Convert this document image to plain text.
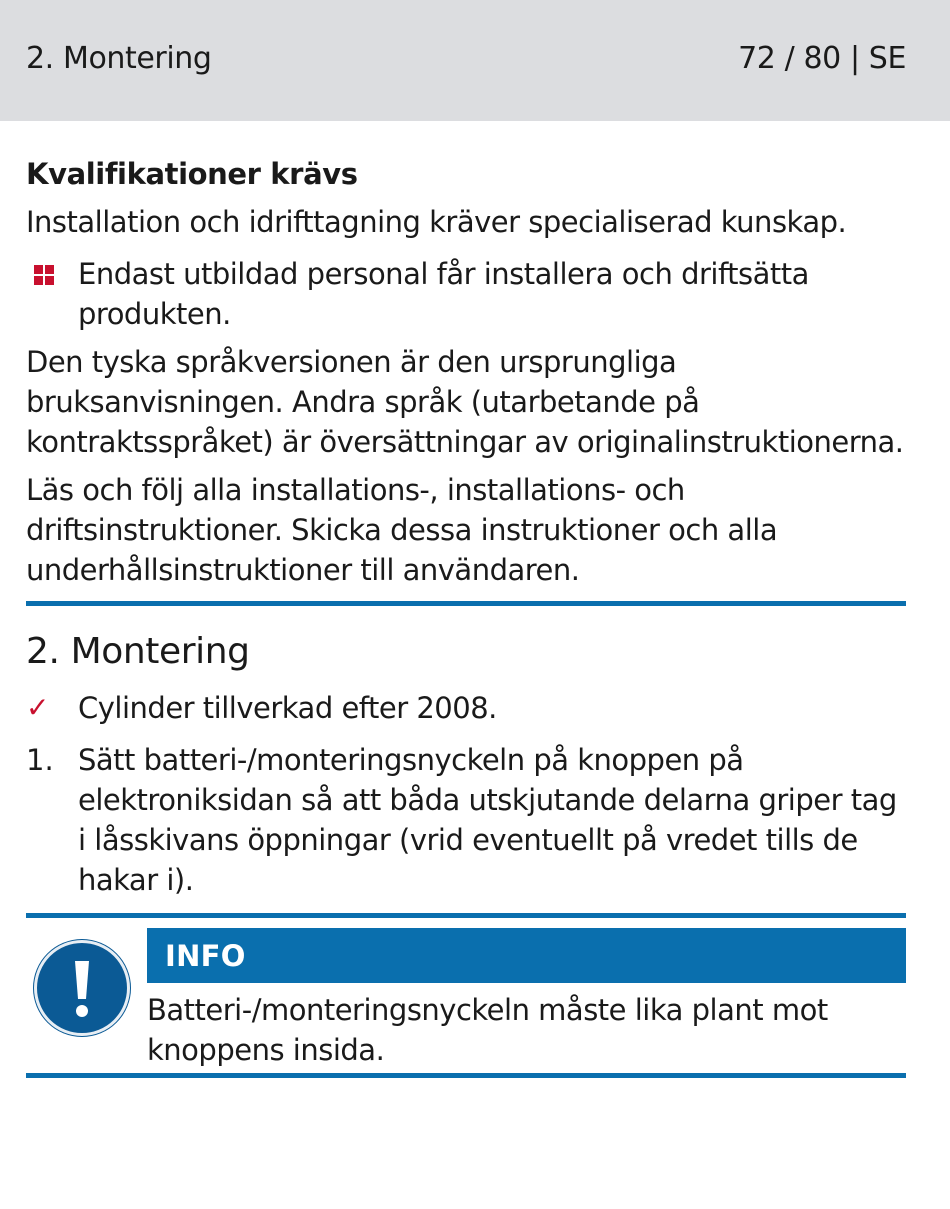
2. Montering	72 / 80 | SE
Kvalifikationer krävs
Installation och idrifttagning kräver specialiserad kunskap.
Endast utbildad personal får installera och driftsätta produkten.
Den tyska språkversionen är den ursprungliga bruksanvisningen. Andra språk (utarbetande på kontraktsspråket) är översättningar av originalinstruktionerna.
Läs och följ alla installations-, installations- och driftsinstruktioner. Skicka dessa instruktioner och alla underhållsinstruktioner till användaren.
2. Montering
✓ Cylinder tillverkad efter 2008.
1. Sätt batteri-/monteringsnyckeln på knoppen på elektroniksidan så att båda utskjutande delarna griper tag i låsskivans öppningar (vrid eventuellt på vredet tills de hakar i).
INFO
Batteri-/monteringsnyckeln måste lika plant mot knoppens insida.
